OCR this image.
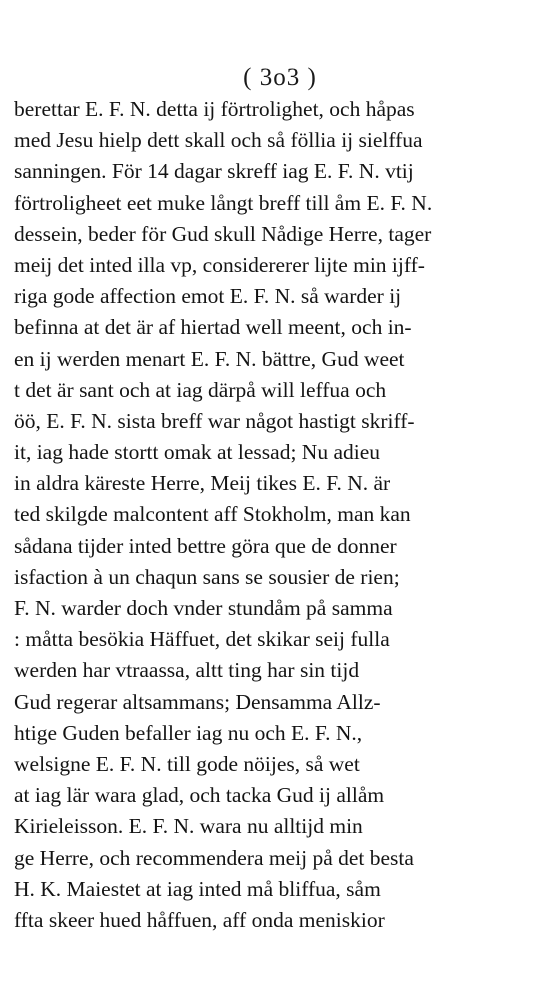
( 3o3 )
berettar E. F. N. detta ij förtrolighet, och håpas
med Jesu hielp dett skall och så föllia ij sielffua
sanningen. För 14 dagar skreff iag E. F. N. vtij
förtroligheet eet muke långt breff till åm E. F. N.
dessein, beder för Gud skull Nådige Herre, tager
meij det inted illa vp, considererer lijte min ijff-
riga gode affection emot E. F. N. så warder ij
befinna at det är af hiertad well meent, och in-
en ij werden menart E. F. N. bättre, Gud weet
t det är sant och at iag därpå will leffua och
öö, E. F. N. sista breff war något hastigt skriff-
it, iag hade stortt omak at lessad; Nu adieu
in aldra käreste Herre, Meij tikes E. F. N. är
ted skilgde malcontent aff Stokholm, man kan
sådana tijder inted bettre göra que de donner
isfaction à un chaqun sans se sousier de rien;
F. N. warder doch vnder stundåm på samma
: måtta besökia Häffuet, det skikar seij fulla
werden har vtraassa, altt ting har sin tijd
Gud regerar altsammans; Densamma Allz-
htige Guden befaller iag nu och E. F. N.,
welsigne E. F. N. till gode nöijes, så wet
at iag lär wara glad, och tacka Gud ij allåm
Kirieleisson. E. F. N. wara nu alltijd min
ge Herre, och recommendera meij på det besta
H. K. Maiestet at iag inted må bliffua, såm
ffta skeer hued håffuen, aff onda meniskior
